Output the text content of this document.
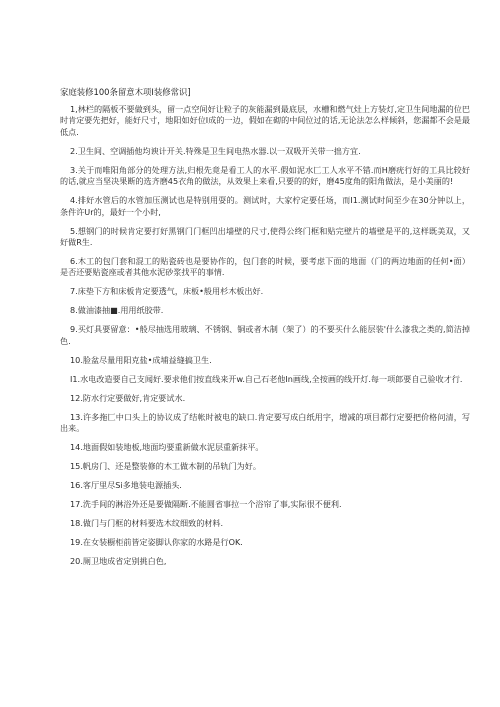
家庭装修100条留意木项I装修常识]

1,林栏的隔板不要做到头，留一点空间好让粒子的灰能漏到最底层，水槽和燃气灶上方装灯,定卫生间地漏的位巴时肯定要先把好，能好尺寸，地阳如好位I成的一边，假如在砌的中间位过的话,无论法怎么样倾斜，您漏都不会是最低点.

2.卫生间、空调插他均谀计开关.特殊是卫生间电热水器.以一双吸开关带一拙方宜.

3.关于而唯阳角部分的处理方法,归根先竟是看工人的水平.假如泥水匚工人水平不错.而H磨疣行好的工具比较好的话,就应当坚决果断的选齐磨45衣角的做法，从效果上来看,只要的的好，磨45度角的阳角做法，是小美丽的!

4.排好水管后的水管加压测试也是特别用耍的。测试时，大家柠定要任场，而I1.测试时间至少在30分钟以上，条件许Ur的，最好一个小时,

5.想钢门的时候肯定要打好黑钢门门框凹出墙壁的尺寸,使得公终门框和贴完壁片的墙壁是平的,这样既美双，又好做R生.

6.木工的包门套和混工的贴瓷砖也是要协作的，包门套的时候，要考虑下面的地面（门的两边地面的任何•面）是否还要贴瓷座或者其他水泥砂浆找平的事情.

7.床垫下方和床板肯定要透气，床板•般用杉木板出好.

8.做油漆抽■.用用纸胶带.

9.买灯具要留意：•般尽抽选用玻璃、不锈钢、铜或者木制（架了）的不要买什么能层装'什么漆我之类的,简洁掉色.

10.脸盆尽量用阳克盐•成埔益缝搞卫生.

I1.水电改造要自己支闻好.要求他们按直线来开w.自己石老他In画线,全按画的线开灯.每一项郎要自己验收才行.

12.防水行定要做好,肯定要试水.

13.许多拖匚中口头上的协议成了结帐时被电的缺口.肯定要写成白纸用字，增减的项目都行定要把价格问清，写出来。

14.地面假如装地板,地面均要重新做水泥层重新抹平。

15.帆房门、还是整装修的木工做木制的吊轨门为好。

16.客厅里尽Si多地装电源插头.

17.洗手间的淋浴外还是要做隔断.不能圆省事拉一个浴帘了事,实际很不便利.

18.做门与门框的材料要选木纹细致的材料.

19.在女装橱柜前皆定姿脚认你家的水路是行OK.

20.厕卫地成省定别挑白色,
